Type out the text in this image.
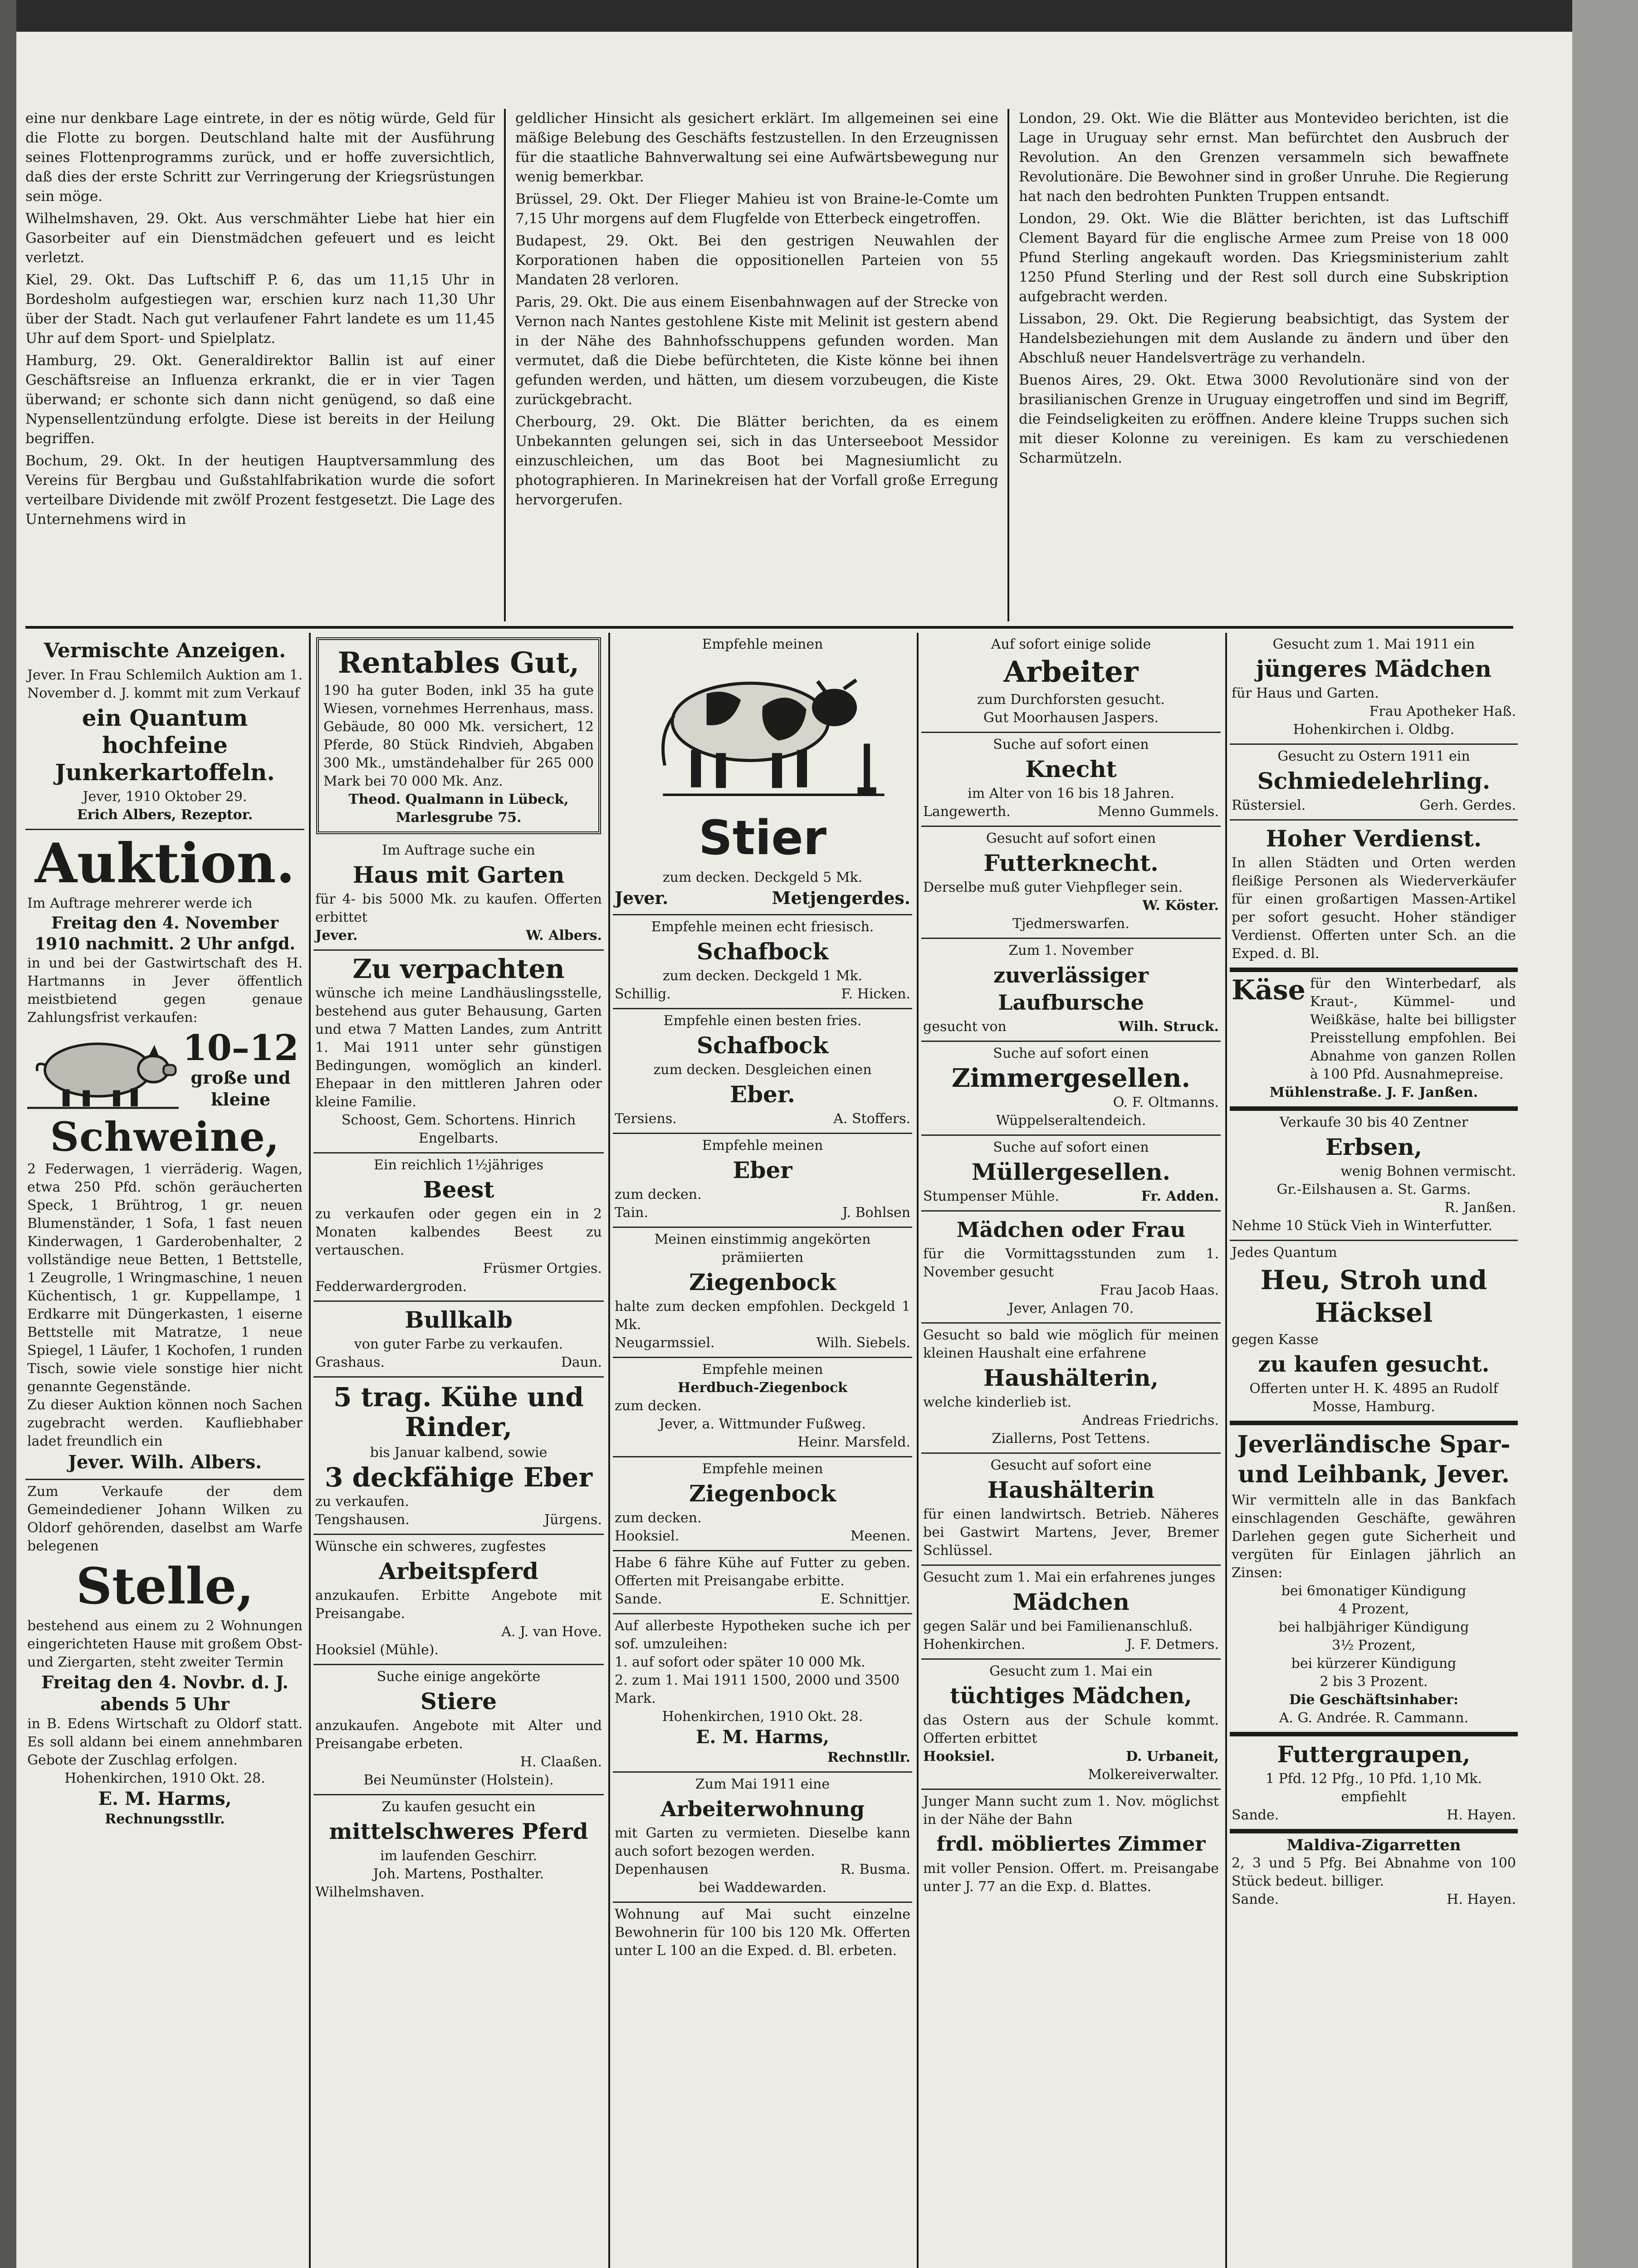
eine nur denkbare Lage eintrete, in der es nötig würde, Geld für die Flotte zu borgen. Deutschland halte mit der Ausführung seines Flottenprogramms zurück, und er hoffe zuversichtlich, daß dies der erste Schritt zur Verringerung der Kriegsrüstungen sein möge.

Wilhelmshaven, 29. Okt. Aus verschmähter Liebe hat hier ein Gasorbeiter auf ein Dienstmädchen gefeuert und es leicht verletzt.

Kiel, 29. Okt. Das Luftschiff P. 6, das um 11,15 Uhr in Bordesholm aufgestiegen war, erschien kurz nach 11,30 Uhr über der Stadt. Nach gut verlaufener Fahrt landete es um 11,45 Uhr auf dem Sport- und Spielplatz.

Hamburg, 29. Okt. Generaldirektor Ballin ist auf einer Geschäftsreise an Influenza erkrankt, die er in vier Tagen überwand; er schonte sich dann nicht genügend, so daß eine Nypensellentzündung erfolgte. Diese ist bereits in der Heilung begriffen.

Bochum, 29. Okt. In der heutigen Hauptversammlung des Vereins für Bergbau und Gußstahlfabrikation wurde die sofort verteilbare Dividende mit zwölf Prozent festgesetzt. Die Lage des Unternehmens wird in

geldlicher Hinsicht als gesichert erklärt. Im allgemeinen sei eine mäßige Belebung des Geschäfts festzustellen. In den Erzeugnissen für die staatliche Bahnverwaltung sei eine Aufwärtsbewegung nur wenig bemerkbar.

Brüssel, 29. Okt. Der Flieger Mahieu ist von Braine-le-Comte um 7,15 Uhr morgens auf dem Flugfelde von Etterbeck eingetroffen.

Budapest, 29. Okt. Bei den gestrigen Neuwahlen der Korporationen haben die oppositionellen Parteien von 55 Mandaten 28 verloren.

Paris, 29. Okt. Die aus einem Eisenbahnwagen auf der Strecke von Vernon nach Nantes gestohlene Kiste mit Melinit ist gestern abend in der Nähe des Bahnhofsschuppens gefunden worden. Man vermutet, daß die Diebe befürchteten, die Kiste könne bei ihnen gefunden werden, und hätten, um diesem vorzubeugen, die Kiste zurückgebracht.

Cherbourg, 29. Okt. Die Blätter berichten, da es einem Unbekannten gelungen sei, sich in das Unterseeboot Messidor einzuschleichen, um das Boot bei Magnesiumlicht zu photographieren. In Marinekreisen hat der Vorfall große Erregung hervorgerufen.

London, 29. Okt. Wie die Blätter aus Montevideo berichten, ist die Lage in Uruguay sehr ernst. Man befürchtet den Ausbruch der Revolution. An den Grenzen versammeln sich bewaffnete Revolutionäre. Die Bewohner sind in großer Unruhe. Die Regierung hat nach den bedrohten Punkten Truppen entsandt.

London, 29. Okt. Wie die Blätter berichten, ist das Luftschiff Clement Bayard für die englische Armee zum Preise von 18 000 Pfund Sterling angekauft worden. Das Kriegsministerium zahlt 1250 Pfund Sterling und der Rest soll durch eine Subskription aufgebracht werden.

Lissabon, 29. Okt. Die Regierung beabsichtigt, das System der Handelsbeziehungen mit dem Auslande zu ändern und über den Abschluß neuer Handelsverträge zu verhandeln.

Buenos Aires, 29. Okt. Etwa 3000 Revolutionäre sind von der brasilianischen Grenze in Uruguay eingetroffen und sind im Begriff, die Feindseligkeiten zu eröffnen. Andere kleine Trupps suchen sich mit dieser Kolonne zu vereinigen. Es kam zu verschiedenen Scharmützeln.

Vermischte Anzeigen.

Jever. In Frau Schlemilch Auktion am 1. November d. J. kommt mit zum Verkauf

ein Quantum hochfeine Junkerkartoffeln.

Jever, 1910 Oktober 29.

Erich Albers, Rezeptor.

Auktion.

Im Auftrage mehrerer werde ich

Freitag den 4. November 1910 nachmitt. 2 Uhr anfgd.

in und bei der Gastwirtschaft des H. Hartmanns in Jever öffentlich meistbietend gegen genaue Zahlungsfrist verkaufen:

10–12

große und kleine

Schweine,

2 Federwagen, 1 vierräderig. Wagen, etwa 250 Pfd. schön geräucherten Speck, 1 Brühtrog, 1 gr. neuen Blumenständer, 1 Sofa, 1 fast neuen Kinderwagen, 1 Garderobenhalter, 2 vollständige neue Betten, 1 Bettstelle, 1 Zeugrolle, 1 Wringmaschine, 1 neuen Küchentisch, 1 gr. Kuppellampe, 1 Erdkarre mit Düngerkasten, 1 eiserne Bettstelle mit Matratze, 1 neue Spiegel, 1 Läufer, 1 Kochofen, 1 runden Tisch, sowie viele sonstige hier nicht genannte Gegenstände.

Zu dieser Auktion können noch Sachen zugebracht werden. Kaufliebhaber ladet freundlich ein

Jever. Wilh. Albers.

Zum Verkaufe der dem Gemeindediener Johann Wilken zu Oldorf gehörenden, daselbst am Warfe belegenen

Stelle,

bestehend aus einem zu 2 Wohnungen eingerichteten Hause mit großem Obst- und Ziergarten, steht zweiter Termin

Freitag den 4. Novbr. d. J. abends 5 Uhr

in B. Edens Wirtschaft zu Oldorf statt. Es soll aldann bei einem annehmbaren Gebote der Zuschlag erfolgen.

Hohenkirchen, 1910 Okt. 28.

E. M. Harms,

Rechnungsstllr.

Rentables Gut,

190 ha guter Boden, inkl 35 ha gute Wiesen, vornehmes Herrenhaus, mass. Gebäude, 80 000 Mk. versichert, 12 Pferde, 80 Stück Rindvieh, Abgaben 300 Mk., umständehalber für 265 000 Mark bei 70 000 Mk. Anz.

Theod. Qualmann in Lübeck, Marlesgrube 75.

Im Auftrage suche ein

Haus mit Garten

für 4- bis 5000 Mk. zu kaufen. Offerten erbittet

Jever.	W. Albers.
Zu verpachten

wünsche ich meine Landhäuslingsstelle, bestehend aus guter Behausung, Garten und etwa 7 Matten Landes, zum Antritt 1. Mai 1911 unter sehr günstigen Bedingungen, womöglich an kinderl. Ehepaar in den mittleren Jahren oder kleine Familie.

Schoost, Gem. Schortens. Hinrich Engelbarts.

Ein reichlich 1½jähriges

Beest

zu verkaufen oder gegen ein in 2 Monaten kalbendes Beest zu vertauschen.

Früsmer Ortgies.

Fedderwardergroden.

Bullkalb

von guter Farbe zu verkaufen.

Grashaus.	Daun.
5 trag. Kühe und Rinder,

bis Januar kalbend, sowie

3 deckfähige Eber

zu verkaufen.

Tengshausen.	Jürgens.

Wünsche ein schweres, zugfestes

Arbeitspferd

anzukaufen. Erbitte Angebote mit Preisangabe.

A. J. van Hove.

Hooksiel (Mühle).

Suche einige angekörte

Stiere

anzukaufen. Angebote mit Alter und Preisangabe erbeten.

H. Claaßen.

Bei Neumünster (Holstein).

Zu kaufen gesucht ein

mittelschweres Pferd

im laufenden Geschirr.

Joh. Martens, Posthalter.

Wilhelmshaven.

Empfehle meinen

Stier

zum decken. Deckgeld 5 Mk.

Jever.	Metjengerdes.

Empfehle meinen echt friesisch.

Schafbock

zum decken. Deckgeld 1 Mk.

Schillig.	F. Hicken.

Empfehle einen besten fries.

Schafbock

zum decken. Desgleichen einen

Eber.
Tersiens.	A. Stoffers.

Empfehle meinen

Eber

zum decken.

Tain.	J. Bohlsen

Meinen einstimmig angekörten prämiierten

Ziegenbock

halte zum decken empfohlen. Deckgeld 1 Mk.

Neugarmssiel.	Wilh. Siebels.

Empfehle meinen

Herdbuch-Ziegenbock

zum decken.

Jever, a. Wittmunder Fußweg.

Heinr. Marsfeld.

Empfehle meinen

Ziegenbock

zum decken.

Hooksiel.	Meenen.

Habe 6 fähre Kühe auf Futter zu geben. Offerten mit Preisangabe erbitte.

Sande.	E. Schnittjer.

Auf allerbeste Hypotheken suche ich per sof. umzuleihen:

1. auf sofort oder später 10 000 Mk.

2. zum 1. Mai 1911 1500, 2000 und 3500 Mark.

Hohenkirchen, 1910 Okt. 28.

E. M. Harms,

Rechnstllr.

Zum Mai 1911 eine

Arbeiterwohnung

mit Garten zu vermieten. Dieselbe kann auch sofort bezogen werden.

Depenhausen	R. Busma.

bei Waddewarden.

Wohnung auf Mai sucht einzelne Bewohnerin für 100 bis 120 Mk. Offerten unter L 100 an die Exped. d. Bl. erbeten.

Auf sofort einige solide

Arbeiter

zum Durchforsten gesucht.

Gut Moorhausen Jaspers.

Suche auf sofort einen

Knecht

im Alter von 16 bis 18 Jahren.

Langewerth.	Menno Gummels.

Gesucht auf sofort einen

Futterknecht.

Derselbe muß guter Viehpfleger sein.

W. Köster.

Tjedmerswarfen.

Zum 1. November

zuverlässiger Laufbursche
gesucht von	Wilh. Struck.

Suche auf sofort einen

Zimmergesellen.

O. F. Oltmanns.

Wüppelseraltendeich.

Suche auf sofort einen

Müllergesellen.
Stumpenser Mühle.	Fr. Adden.
Mädchen oder Frau

für die Vormittagsstunden zum 1. November gesucht

Frau Jacob Haas.

Jever, Anlagen 70.

Gesucht so bald wie möglich für meinen kleinen Haushalt eine erfahrene

Haushälterin,

welche kinderlieb ist.

Andreas Friedrichs.

Ziallerns, Post Tettens.

Gesucht auf sofort eine

Haushälterin

für einen landwirtsch. Betrieb. Näheres bei Gastwirt Martens, Jever, Bremer Schlüssel.

Gesucht zum 1. Mai ein erfahrenes junges

Mädchen

gegen Salär und bei Familienanschluß.

Hohenkirchen.	J. F. Detmers.

Gesucht zum 1. Mai ein

tüchtiges Mädchen,

das Ostern aus der Schule kommt. Offerten erbittet

Hooksiel.	D. Urbaneit,

Molkereiverwalter.

Junger Mann sucht zum 1. Nov. möglichst in der Nähe der Bahn

frdl. möbliertes Zimmer

mit voller Pension. Offert. m. Preisangabe unter J. 77 an die Exp. d. Blattes.

Gesucht zum 1. Mai 1911 ein

jüngeres Mädchen

für Haus und Garten.

Frau Apotheker Haß.

Hohenkirchen i. Oldbg.

Gesucht zu Ostern 1911 ein

Schmiedelehrling.
Rüstersiel.	Gerh. Gerdes.
Hoher Verdienst.

In allen Städten und Orten werden fleißige Personen als Wiederverkäufer für einen großartigen Massen-Artikel per sofort gesucht. Hoher ständiger Verdienst. Offerten unter Sch. an die Exped. d. Bl.

Käse für den Winterbedarf, als Kraut-, Kümmel- und Weißkäse, halte bei billigster Preisstellung empfohlen. Bei Abnahme von ganzen Rollen à 100 Pfd. Ausnahmepreise.

Mühlenstraße. J. F. Janßen.

Verkaufe 30 bis 40 Zentner

Erbsen,

wenig Bohnen vermischt.

Gr.-Eilshausen a. St. Garms.

R. Janßen.

Nehme 10 Stück Vieh in Winterfutter.

Jedes Quantum

Heu, Stroh und Häcksel

gegen Kasse

zu kaufen gesucht.

Offerten unter H. K. 4895 an Rudolf Mosse, Hamburg.

Jeverländische Spar- und Leihbank, Jever.

Wir vermitteln alle in das Bankfach einschlagenden Geschäfte, gewähren Darlehen gegen gute Sicherheit und vergüten für Einlagen jährlich an Zinsen:

bei 6monatiger Kündigung

4 Prozent,

bei halbjähriger Kündigung

3½ Prozent,

bei kürzerer Kündigung

2 bis 3 Prozent.

Die Geschäftsinhaber:

A. G. Andrée. R. Cammann.

Futtergraupen,

1 Pfd. 12 Pfg., 10 Pfd. 1,10 Mk. empfiehlt

Sande.	H. Hayen.

Maldiva-Zigarretten

2, 3 und 5 Pfg. Bei Abnahme von 100 Stück bedeut. billiger.

Sande.	H. Hayen.
